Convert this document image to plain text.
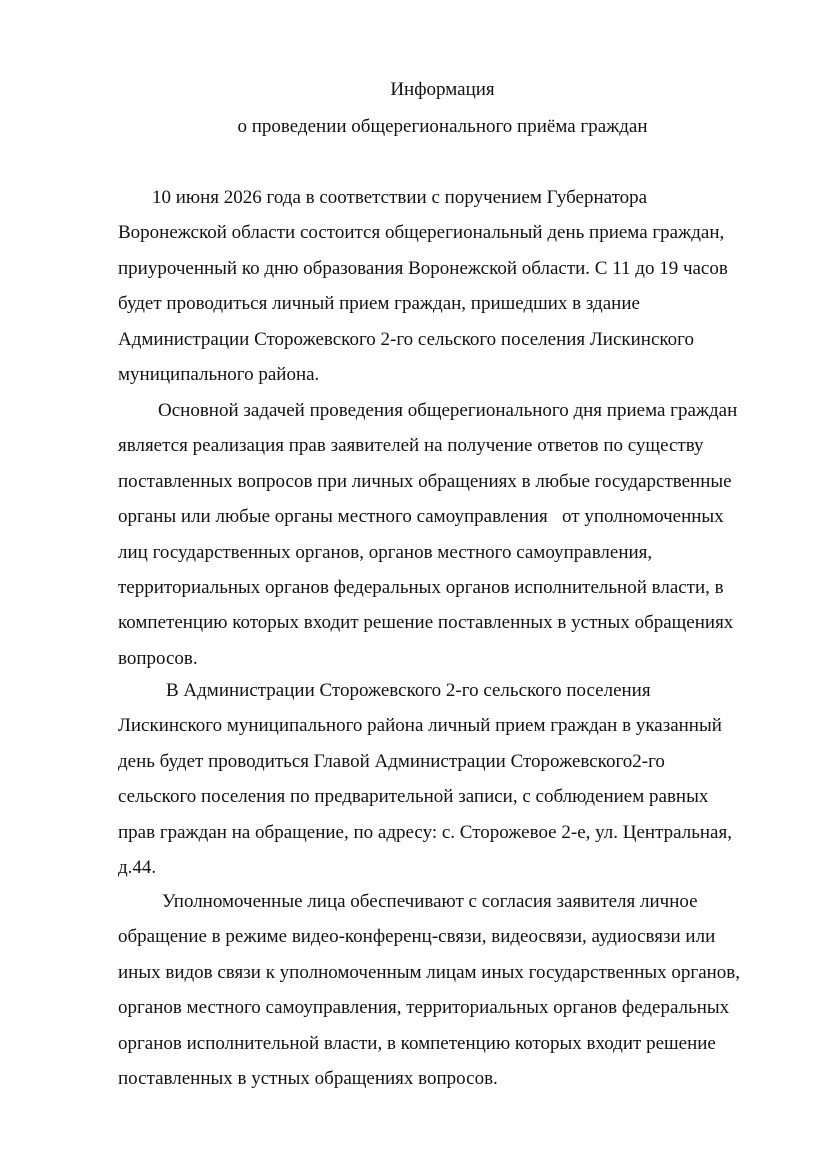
Информация
о проведении общерегионального приёма граждан

10 июня 2026 года в соответствии с поручением Губернатора
Воронежской области состоится общерегиональный день приема граждан,
приуроченный ко дню образования Воронежской области. С 11 до 19 часов
будет проводиться личный прием граждан, пришедших в здание
Администрации Сторожевского 2-го сельского поселения Лискинского
муниципального района.

Основной задачей проведения общерегионального дня приема граждан
является реализация прав заявителей на получение ответов по существу
поставленных вопросов при личных обращениях в любые государственные
органы или любые органы местного самоуправления   от уполномоченных
лиц государственных органов, органов местного самоуправления,
территориальных органов федеральных органов исполнительной власти, в
компетенцию которых входит решение поставленных в устных обращениях
вопросов.

В Администрации Сторожевского 2-го сельского поселения
Лискинского муниципального района личный прием граждан в указанный
день будет проводиться Главой Администрации Сторожевского2-го
сельского поселения по предварительной записи, с соблюдением равных
прав граждан на обращение, по адресу: с. Сторожевое 2-е, ул. Центральная,
д.44.

Уполномоченные лица обеспечивают с согласия заявителя личное
обращение в режиме видео-конференц-связи, видеосвязи, аудиосвязи или
иных видов связи к уполномоченным лицам иных государственных органов,
органов местного самоуправления, территориальных органов федеральных
органов исполнительной власти, в компетенцию которых входит решение
поставленных в устных обращениях вопросов.
